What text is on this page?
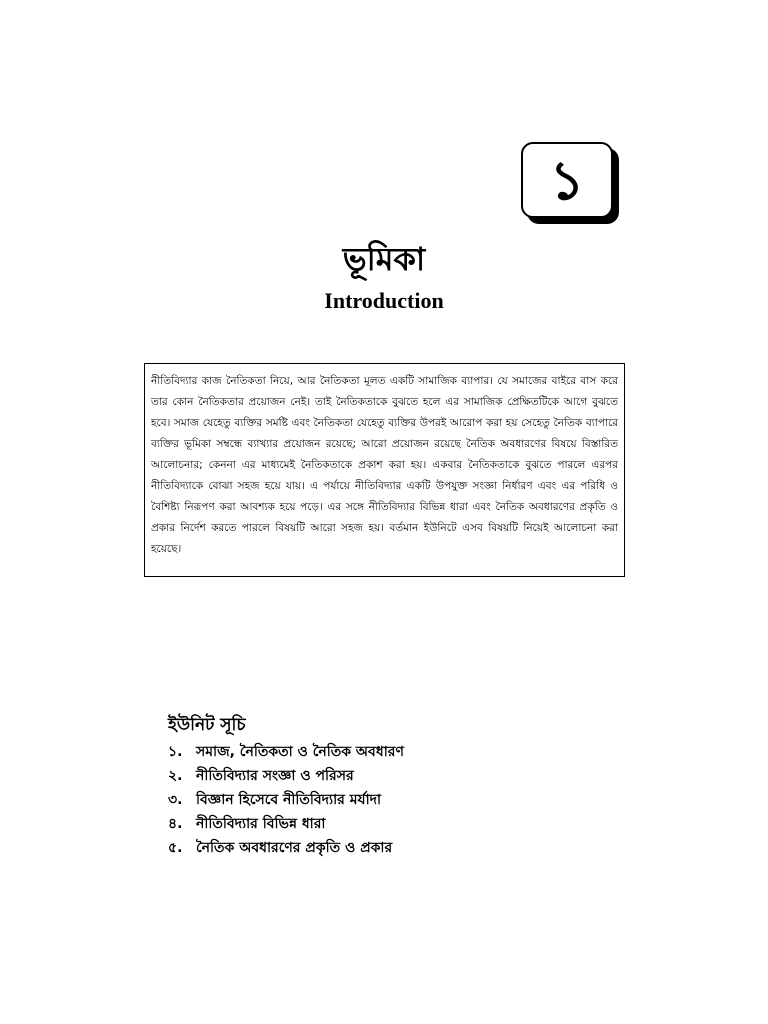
১
ভূমিকা
Introduction

নীতিবিদ্যার কাজ নৈতিকতা নিয়ে, আর নৈতিকতা মূলত একটি সামাজিক ব্যাপার। যে সমাজের বাইরে বাস করে তার কোন নৈতিকতার প্রয়োজন নেই। তাই নৈতিকতাকে বুঝতে হলে এর সামাজিক প্রেক্ষিতটিকে আগে বুঝতে হবে। সমাজ যেহেতু ব্যক্তির সমষ্টি এবং নৈতিকতা যেহেতু ব্যক্তির উপরই আরোপ করা হয় সেহেতু নৈতিক ব্যাপারে ব্যক্তির ভূমিকা সম্বন্ধে ব্যাখ্যার প্রয়োজন রয়েছে; আরো প্রয়োজন রয়েছে নৈতিক অবধারণের বিষয়ে বিস্তারিত আলোচনার; কেননা এর মাধ্যমেই নৈতিকতাকে প্রকাশ করা হয়। একবার নৈতিকতাকে বুঝতে পারলে এরপর নীতিবিদ্যাকে বোঝা সহজ হয়ে যায়। এ পর্যায়ে নীতিবিদ্যার একটি উপযুক্ত সংজ্ঞা নির্ধারণ এবং এর পরিধি ও বৈশিষ্ট্য নিরূপণ করা আবশ্যক হয়ে পড়ে। এর সঙ্গে নীতিবিদ্যার বিভিন্ন ধারা এবং নৈতিক অবধারণের প্রকৃতি ও প্রকার নির্দেশ করতে পারলে বিষয়টি আরো সহজ হয়। বর্তমান ইউনিটে এসব বিষয়টি নিয়েই আলোচনা করা হয়েছে।

ইউনিট সূচি
১. সমাজ, নৈতিকতা ও নৈতিক অবধারণ
২. নীতিবিদ্যার সংজ্ঞা ও পরিসর
৩. বিজ্ঞান হিসেবে নীতিবিদ্যার মর্যাদা
৪. নীতিবিদ্যার বিভিন্ন ধারা
৫. নৈতিক অবধারণের প্রকৃতি ও প্রকার
